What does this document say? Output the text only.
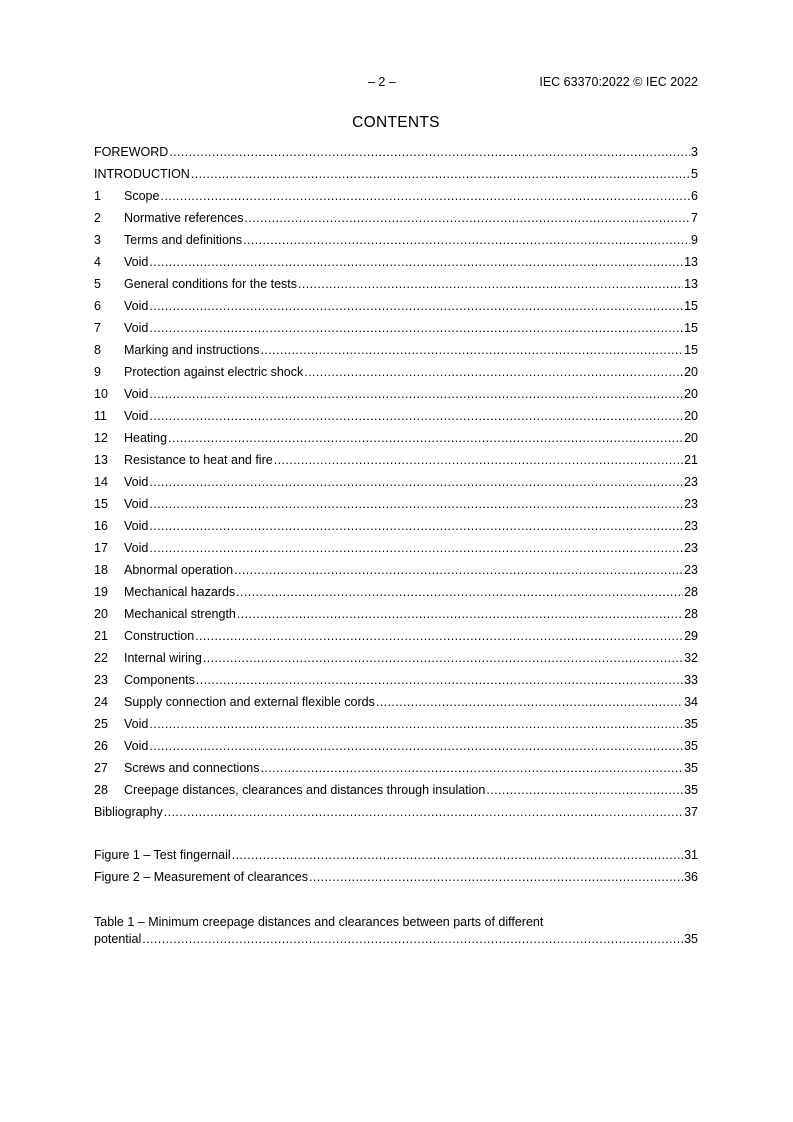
– 2 –	IEC 63370:2022 © IEC 2022
CONTENTS
FOREWORD .....	3
INTRODUCTION .....	5
1	Scope .....	6
2	Normative references .....	7
3	Terms and definitions .....	9
4	Void .....	13
5	General conditions for the tests .....	13
6	Void .....	15
7	Void .....	15
8	Marking and instructions .....	15
9	Protection against electric shock .....	20
10	Void .....	20
11	Void .....	20
12	Heating .....	20
13	Resistance to heat and fire .....	21
14	Void .....	23
15	Void .....	23
16	Void .....	23
17	Void .....	23
18	Abnormal operation .....	23
19	Mechanical hazards .....	28
20	Mechanical strength .....	28
21	Construction .....	29
22	Internal wiring .....	32
23	Components .....	33
24	Supply connection and external flexible cords .....	34
25	Void .....	35
26	Void .....	35
27	Screws and connections .....	35
28	Creepage distances, clearances and distances through insulation .....	35
Bibliography .....	37
Figure 1 – Test fingernail .....	31
Figure 2 – Measurement of clearances .....	36
Table 1 – Minimum creepage distances and clearances between parts of different
potential .....	35
